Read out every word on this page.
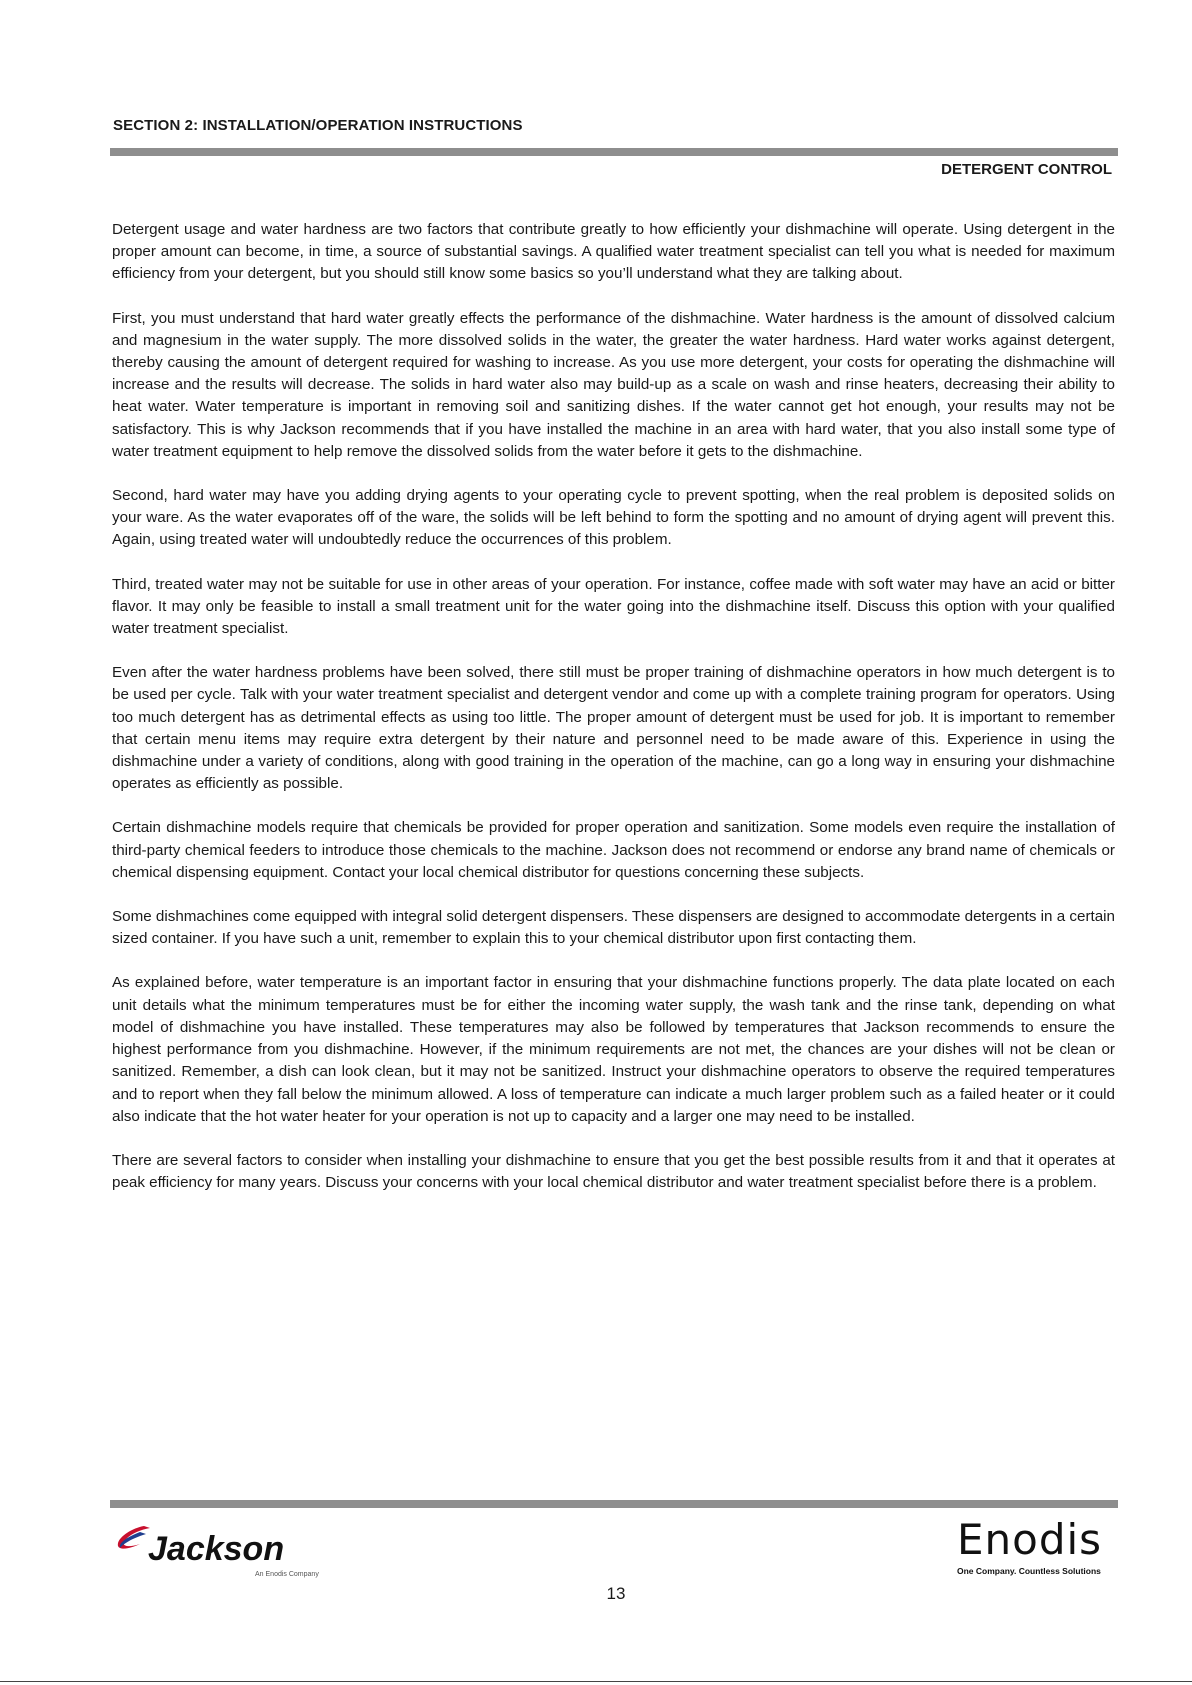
SECTION 2: INSTALLATION/OPERATION INSTRUCTIONS
DETERGENT CONTROL

Detergent usage and water hardness are two factors that contribute greatly to how efficiently your dishmachine will operate. Using detergent in the proper amount can become, in time, a source of substantial savings. A qualified water treatment specialist can tell you what is needed for maximum efficiency from your detergent, but you should still know some basics so you’ll understand what they are talking about.

First, you must understand that hard water greatly effects the performance of the dishmachine. Water hardness is the amount of dissolved calcium and magnesium in the water supply. The more dissolved solids in the water, the greater the water hardness. Hard water works against detergent, thereby causing the amount of detergent required for washing to increase. As you use more detergent, your costs for operating the dishmachine will increase and the results will decrease. The solids in hard water also may build-up as a scale on wash and rinse heaters, decreasing their ability to heat water. Water temperature is important in removing soil and sanitizing dishes. If the water cannot get hot enough, your results may not be satisfactory. This is why Jackson recommends that if you have installed the machine in an area with hard water, that you also install some type of water treatment equipment to help remove the dissolved solids from the water before it gets to the dishmachine.

Second, hard water may have you adding drying agents to your operating cycle to prevent spotting, when the real problem is deposited solids on your ware. As the water evaporates off of the ware, the solids will be left behind to form the spotting and no amount of drying agent will prevent this. Again, using treated water will undoubtedly reduce the occurrences of this problem.

Third, treated water may not be suitable for use in other areas of your operation. For instance, coffee made with soft water may have an acid or bitter flavor. It may only be feasible to install a small treatment unit for the water going into the dishmachine itself. Discuss this option with your qualified water treatment specialist.

Even after the water hardness problems have been solved, there still must be proper training of dishmachine operators in how much detergent is to be used per cycle. Talk with your water treatment specialist and detergent vendor and come up with a complete training program for operators. Using too much detergent has as detrimental effects as using too little. The proper amount of detergent must be used for job. It is important to remember that certain menu items may require extra detergent by their nature and personnel need to be made aware of this. Experience in using the dishmachine under a variety of conditions, along with good training in the operation of the machine, can go a long way in ensuring your dishmachine operates as efficiently as possible.

Certain dishmachine models require that chemicals be provided for proper operation and sanitization. Some models even require the installation of third-party chemical feeders to introduce those chemicals to the machine. Jackson does not recommend or endorse any brand name of chemicals or chemical dispensing equipment. Contact your local chemical distributor for questions concerning these subjects.

Some dishmachines come equipped with integral solid detergent dispensers. These dispensers are designed to accommodate detergents in a certain sized container. If you have such a unit, remember to explain this to your chemical distributor upon first contacting them.

As explained before, water temperature is an important factor in ensuring that your dishmachine functions properly. The data plate located on each unit details what the minimum temperatures must be for either the incoming water supply, the wash tank and the rinse tank, depending on what model of dishmachine you have installed. These temperatures may also be followed by temperatures that Jackson recommends to ensure the highest performance from you dishmachine. However, if the minimum requirements are not met, the chances are your dishes will not be clean or sanitized. Remember, a dish can look clean, but it may not be sanitized. Instruct your dishmachine operators to observe the required temperatures and to report when they fall below the minimum allowed. A loss of temperature can indicate a much larger problem such as a failed heater or it could also indicate that the hot water heater for your operation is not up to capacity and a larger one may need to be installed.

There are several factors to consider when installing your dishmachine to ensure that you get the best possible results from it and that it operates at peak efficiency for many years. Discuss your concerns with your local chemical distributor and water treatment specialist before there is a problem.

Jackson
An Enodis Company
Enodis
One Company. Countless Solutions
13
